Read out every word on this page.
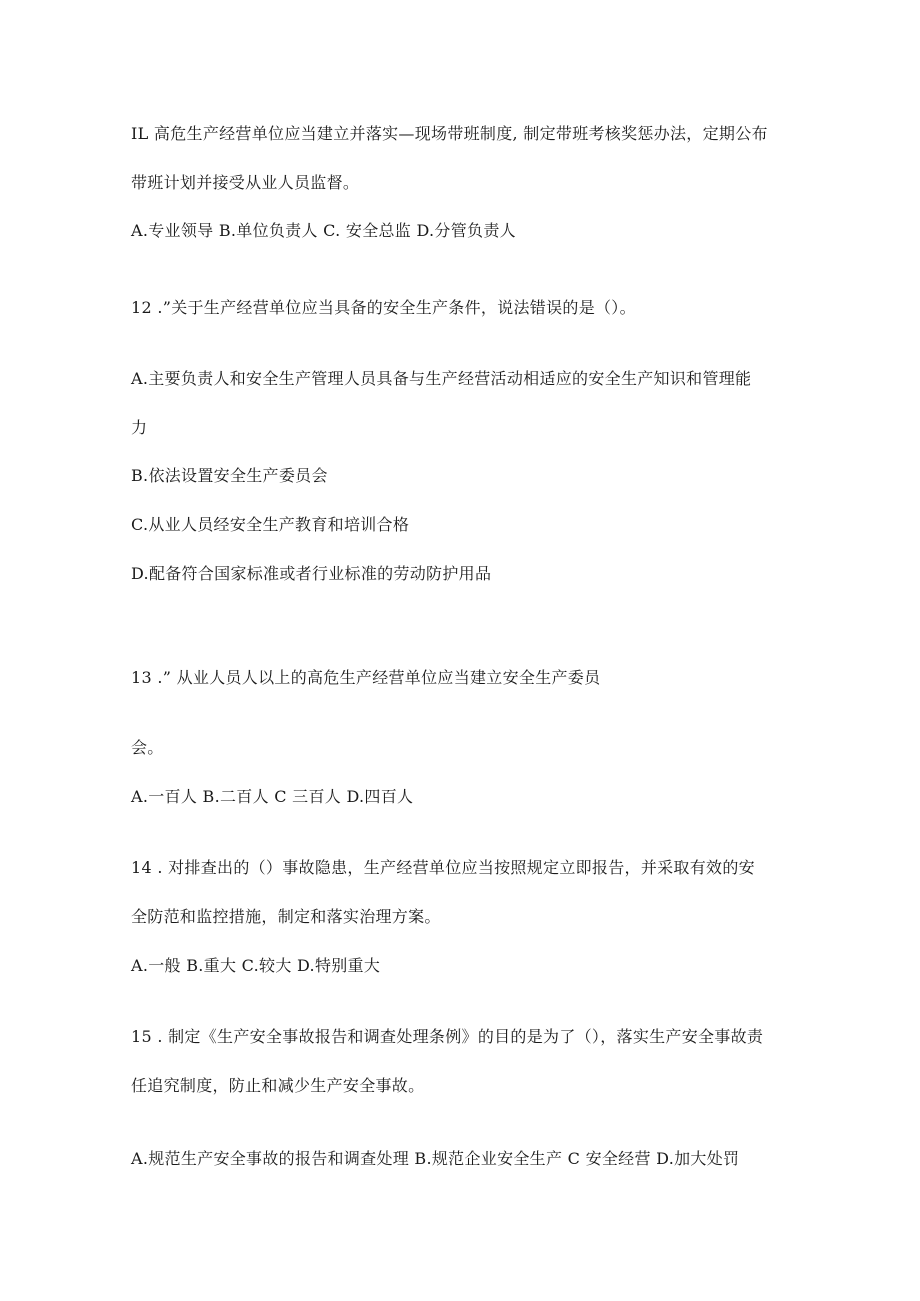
IL 高危生产经营单位应当建立并落实—现场带班制度, 制定带班考核奖惩办法，定期公布
带班计划并接受从业人员监督。
A.专业领导 B.单位负责人 C. 安全总监 D.分管负责人
12 .”关于生产经营单位应当具备的安全生产条件，说法错误的是（）。
A.主要负责人和安全生产管理人员具备与生产经营活动相适应的安全生产知识和管理能
力
B.依法设置安全生产委员会
C.从业人员经安全生产教育和培训合格
D.配备符合国家标准或者行业标准的劳动防护用品
13 .” 从业人员人以上的高危生产经营单位应当建立安全生产委员
会。
A.一百人 B.二百人 C 三百人 D.四百人
14 . 对排查出的（）事故隐患，生产经营单位应当按照规定立即报告，并采取有效的安
全防范和监控措施，制定和落实治理方案。
A.一般 B.重大 C.较大 D.特别重大
15 . 制定《生产安全事故报告和调查处理条例》的目的是为了（），落实生产安全事故责
任追究制度，防止和减少生产安全事故。
A.规范生产安全事故的报告和调查处理 B.规范企业安全生产 C 安全经营 D.加大处罚
